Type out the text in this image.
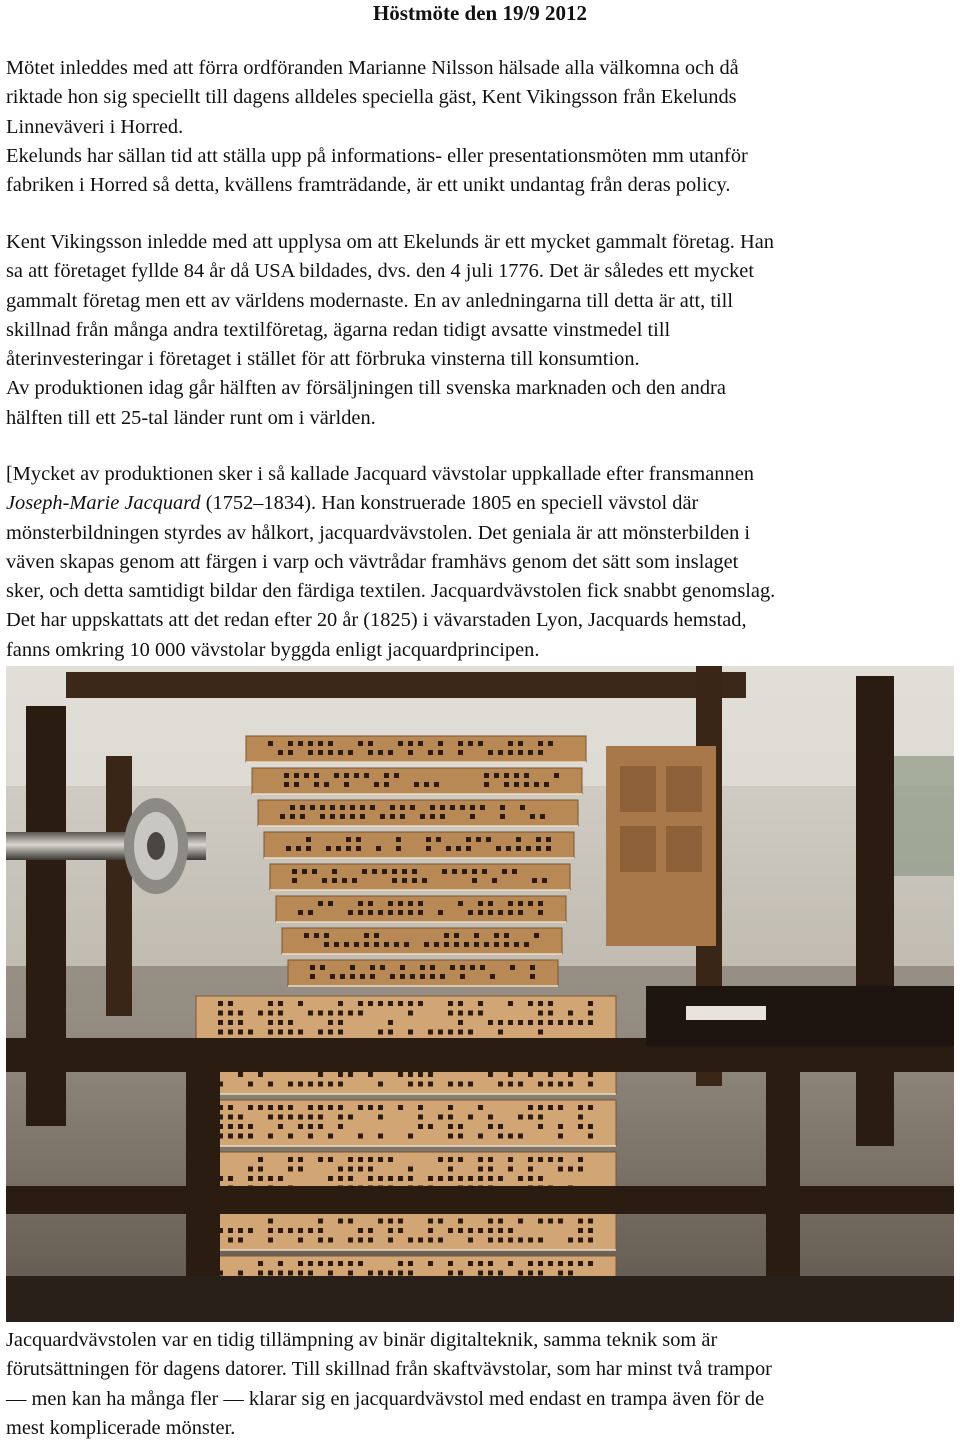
Höstmöte den 19/9 2012

Mötet inleddes med att förra ordföranden Marianne Nilsson hälsade alla välkomna och då
riktade hon sig speciellt till dagens alldeles speciella gäst, Kent Vikingsson från Ekelunds
Linneväveri i Horred.
Ekelunds har sällan tid att ställa upp på informations- eller presentationsmöten mm utanför
fabriken i Horred så detta, kvällens framträdande, är ett unikt undantag från deras policy.

Kent Vikingsson inledde med att upplysa om att Ekelunds är ett mycket gammalt företag. Han
sa att företaget fyllde 84 år då USA bildades, dvs. den 4 juli 1776. Det är således ett mycket
gammalt företag men ett av världens modernaste. En av anledningarna till detta är att, till
skillnad från många andra textilföretag, ägarna redan tidigt avsatte vinstmedel till
återinvesteringar i företaget i stället för att förbruka vinsterna till konsumtion.
Av produktionen idag går hälften av försäljningen till svenska marknaden och den andra
hälften till ett 25-tal länder runt om i världen.

[Mycket av produktionen sker i så kallade Jacquard vävstolar uppkallade efter fransmannen
Joseph-Marie Jacquard (1752–1834). Han konstruerade 1805 en speciell vävstol där
mönsterbildningen styrdes av hålkort, jacquardvävstolen. Det geniala är att mönsterbilden i
väven skapas genom att färgen i varp och vävtrådar framhävs genom det sätt som inslaget
sker, och detta samtidigt bildar den färdiga textilen. Jacquardvävstolen fick snabbt genomslag.
Det har uppskattats att det redan efter 20 år (1825) i vävarstaden Lyon, Jacquards hemstad,
fanns omkring 10 000 vävstolar byggda enligt jacquardprincipen.

Jacquardvävstolen var en tidig tillämpning av binär digitalteknik, samma teknik som är
förutsättningen för dagens datorer. Till skillnad från skaftvävstolar, som har minst två trampor
— men kan ha många fler — klarar sig en jacquardvävstol med endast en trampa även för de
mest komplicerade mönster.
